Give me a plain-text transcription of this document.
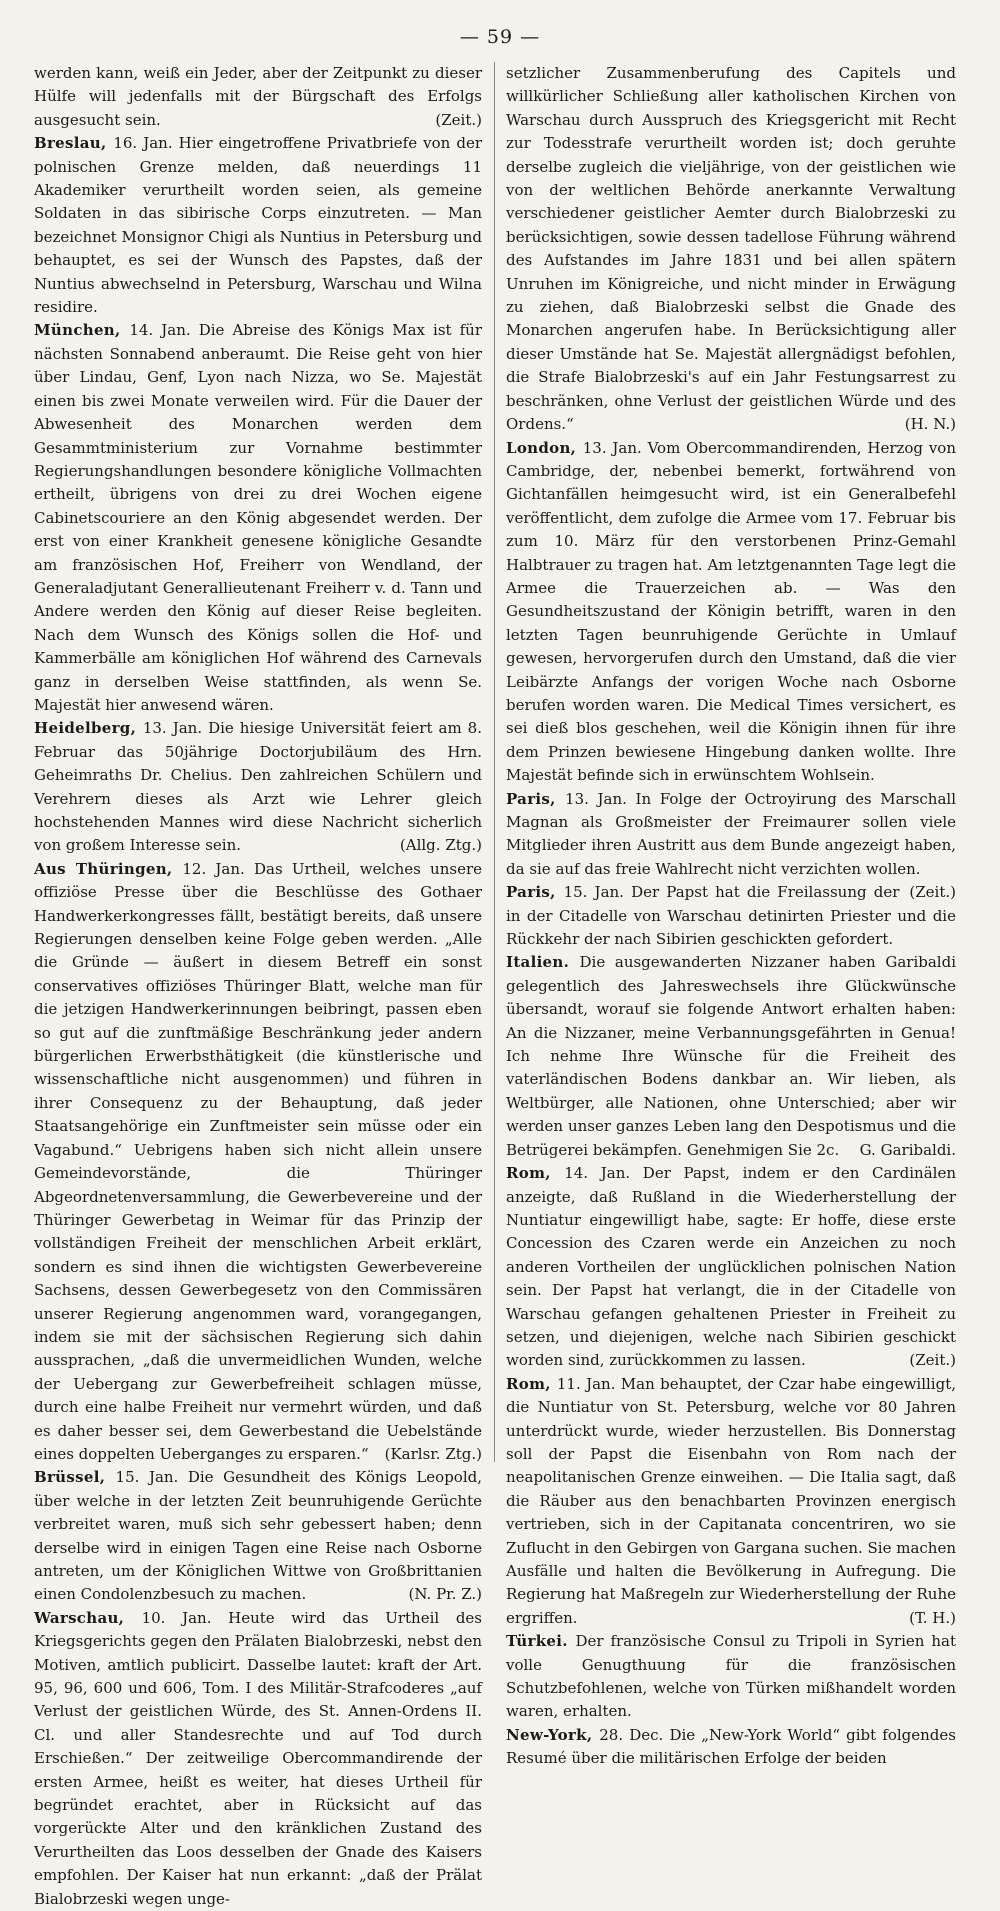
— 59 —

werden kann, weiß ein Jeder, aber der Zeitpunkt zu dieser Hülfe will jedenfalls mit der Bürgschaft des Erfolgs ausgesucht sein.	(Zeit.)

Breslau, 16. Jan. Hier eingetroffene Privatbriefe von der polnischen Grenze melden, daß neuerdings 11 Akademiker verurtheilt worden seien, als gemeine Soldaten in das sibirische Corps einzutreten. — Man bezeichnet Monsignor Chigi als Nuntius in Petersburg und behauptet, es sei der Wunsch des Papstes, daß der Nuntius abwechselnd in Petersburg, Warschau und Wilna residire.

München, 14. Jan. Die Abreise des Königs Max ist für nächsten Sonnabend anberaumt. Die Reise geht von hier über Lindau, Genf, Lyon nach Nizza, wo Se. Majestät einen bis zwei Monate verweilen wird. Für die Dauer der Abwesenheit des Monarchen werden dem Gesammtministerium zur Vornahme bestimmter Regierungshandlungen besondere königliche Vollmachten ertheilt, übrigens von drei zu drei Wochen eigene Cabinetscouriere an den König abgesendet werden. Der erst von einer Krankheit genesene königliche Gesandte am französischen Hof, Freiherr von Wendland, der Generaladjutant Generallieutenant Freiherr v. d. Tann und Andere werden den König auf dieser Reise begleiten. Nach dem Wunsch des Königs sollen die Hof- und Kammerbälle am königlichen Hof während des Carnevals ganz in derselben Weise stattfinden, als wenn Se. Majestät hier anwesend wären.

Heidelberg, 13. Jan. Die hiesige Universität feiert am 8. Februar das 50jährige Doctorjubiläum des Hrn. Geheimraths Dr. Chelius. Den zahlreichen Schülern und Verehrern dieses als Arzt wie Lehrer gleich hochstehenden Mannes wird diese Nachricht sicherlich von großem Interesse sein.	(Allg. Ztg.)

Aus Thüringen, 12. Jan. Das Urtheil, welches unsere offiziöse Presse über die Beschlüsse des Gothaer Handwerkerkongresses fällt, bestätigt bereits, daß unsere Regierungen denselben keine Folge geben werden. „Alle die Gründe — äußert in diesem Betreff ein sonst conservatives offiziöses Thüringer Blatt, welche man für die jetzigen Handwerkerinnungen beibringt, passen eben so gut auf die zunftmäßige Beschränkung jeder andern bürgerlichen Erwerbsthätigkeit (die künstlerische und wissenschaftliche nicht ausgenommen) und führen in ihrer Consequenz zu der Behauptung, daß jeder Staatsangehörige ein Zunftmeister sein müsse oder ein Vagabund.“ Uebrigens haben sich nicht allein unsere Gemeindevorstände, die Thüringer Abgeordnetenversammlung, die Gewerbevereine und der Thüringer Gewerbetag in Weimar für das Prinzip der vollständigen Freiheit der menschlichen Arbeit erklärt, sondern es sind ihnen die wichtigsten Gewerbevereine Sachsens, dessen Gewerbegesetz von den Commissären unserer Regierung angenommen ward, vorangegangen, indem sie mit der sächsischen Regierung sich dahin aussprachen, „daß die unvermeidlichen Wunden, welche der Uebergang zur Gewerbefreiheit schlagen müsse, durch eine halbe Freiheit nur vermehrt würden, und daß es daher besser sei, dem Gewerbestand die Uebelstände eines doppelten Ueberganges zu ersparen.“	(Karlsr. Ztg.)

Brüssel, 15. Jan. Die Gesundheit des Königs Leopold, über welche in der letzten Zeit beunruhigende Gerüchte verbreitet waren, muß sich sehr gebessert haben; denn derselbe wird in einigen Tagen eine Reise nach Osborne antreten, um der Königlichen Wittwe von Großbrittanien einen Condolenzbesuch zu machen.	(N. Pr. Z.)

Warschau, 10. Jan. Heute wird das Urtheil des Kriegsgerichts gegen den Prälaten Bialobrzeski, nebst den Motiven, amtlich publicirt. Dasselbe lautet: kraft der Art. 95, 96, 600 und 606, Tom. I des Militär-Strafcoderes „auf Verlust der geistlichen Würde, des St. Annen-Ordens II. Cl. und aller Standesrechte und auf Tod durch Erschießen.“ Der zeitweilige Obercommandirende der ersten Armee, heißt es weiter, hat dieses Urtheil für begründet erachtet, aber in Rücksicht auf das vorgerückte Alter und den kränklichen Zustand des Verurtheilten das Loos desselben der Gnade des Kaisers empfohlen. Der Kaiser hat nun erkannt: „daß der Prälat Bialobrzeski wegen unge-

setzlicher Zusammenberufung des Capitels und willkürlicher Schließung aller katholischen Kirchen von Warschau durch Ausspruch des Kriegsgericht mit Recht zur Todesstrafe verurtheilt worden ist; doch geruhte derselbe zugleich die vieljährige, von der geistlichen wie von der weltlichen Behörde anerkannte Verwaltung verschiedener geistlicher Aemter durch Bialobrzeski zu berücksichtigen, sowie dessen tadellose Führung während des Aufstandes im Jahre 1831 und bei allen spätern Unruhen im Königreiche, und nicht minder in Erwägung zu ziehen, daß Bialobrzeski selbst die Gnade des Monarchen angerufen habe. In Berücksichtigung aller dieser Umstände hat Se. Majestät allergnädigst befohlen, die Strafe Bialobrzeski's auf ein Jahr Festungsarrest zu beschränken, ohne Verlust der geistlichen Würde und des Ordens.“	(H. N.)

London, 13. Jan. Vom Obercommandirenden, Herzog von Cambridge, der, nebenbei bemerkt, fortwährend von Gichtanfällen heimgesucht wird, ist ein Generalbefehl veröffentlicht, dem zufolge die Armee vom 17. Februar bis zum 10. März für den verstorbenen Prinz-Gemahl Halbtrauer zu tragen hat. Am letztgenannten Tage legt die Armee die Trauerzeichen ab. — Was den Gesundheitszustand der Königin betrifft, waren in den letzten Tagen beunruhigende Gerüchte in Umlauf gewesen, hervorgerufen durch den Umstand, daß die vier Leibärzte Anfangs der vorigen Woche nach Osborne berufen worden waren. Die Medical Times versichert, es sei dieß blos geschehen, weil die Königin ihnen für ihre dem Prinzen bewiesene Hingebung danken wollte. Ihre Majestät befinde sich in erwünschtem Wohlsein.

Paris, 13. Jan. In Folge der Octroyirung des Marschall Magnan als Großmeister der Freimaurer sollen viele Mitglieder ihren Austritt aus dem Bunde angezeigt haben, da sie auf das freie Wahlrecht nicht verzichten wollen.
(Zeit.)

Paris, 15. Jan. Der Papst hat die Freilassung der in der Citadelle von Warschau detinirten Priester und die Rückkehr der nach Sibirien geschickten gefordert.

Italien. Die ausgewanderten Nizzaner haben Garibaldi gelegentlich des Jahreswechsels ihre Glückwünsche übersandt, worauf sie folgende Antwort erhalten haben: An die Nizzaner, meine Verbannungsgefährten in Genua! Ich nehme Ihre Wünsche für die Freiheit des vaterländischen Bodens dankbar an. Wir lieben, als Weltbürger, alle Nationen, ohne Unterschied; aber wir werden unser ganzes Leben lang den Despotismus und die Betrügerei bekämpfen. Genehmigen Sie 2c.	G. Garibaldi.

Rom, 14. Jan. Der Papst, indem er den Cardinälen anzeigte, daß Rußland in die Wiederherstellung der Nuntiatur eingewilligt habe, sagte: Er hoffe, diese erste Concession des Czaren werde ein Anzeichen zu noch anderen Vortheilen der unglücklichen polnischen Nation sein. Der Papst hat verlangt, die in der Citadelle von Warschau gefangen gehaltenen Priester in Freiheit zu setzen, und diejenigen, welche nach Sibirien geschickt worden sind, zurückkommen zu lassen.	(Zeit.)

Rom, 11. Jan. Man behauptet, der Czar habe eingewilligt, die Nuntiatur von St. Petersburg, welche vor 80 Jahren unterdrückt wurde, wieder herzustellen. Bis Donnerstag soll der Papst die Eisenbahn von Rom nach der neapolitanischen Grenze einweihen. — Die Italia sagt, daß die Räuber aus den benachbarten Provinzen energisch vertrieben, sich in der Capitanata concentriren, wo sie Zuflucht in den Gebirgen von Gargana suchen. Sie machen Ausfälle und halten die Bevölkerung in Aufregung. Die Regierung hat Maßregeln zur Wiederherstellung der Ruhe ergriffen.	(T. H.)

Türkei. Der französische Consul zu Tripoli in Syrien hat volle Genugthuung für die französischen Schutzbefohlenen, welche von Türken mißhandelt worden waren, erhalten.

New-York, 28. Dec. Die „New-York World“ gibt folgendes Resumé über die militärischen Erfolge der beiden
